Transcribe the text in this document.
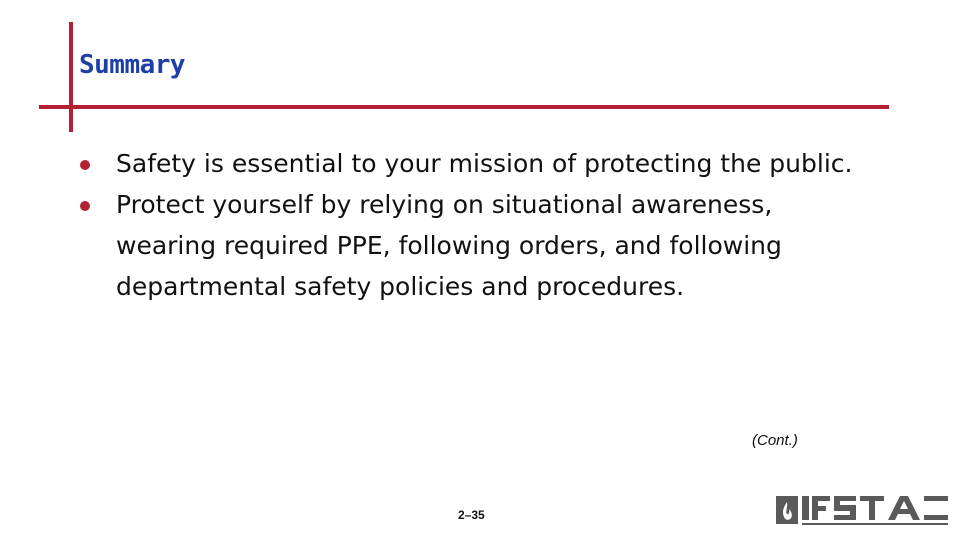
Summary
Safety is essential to your mission of protecting the public.
Protect yourself by relying on situational awareness, wearing required PPE, following orders, and following departmental safety policies and procedures.
(Cont.)
2–35
